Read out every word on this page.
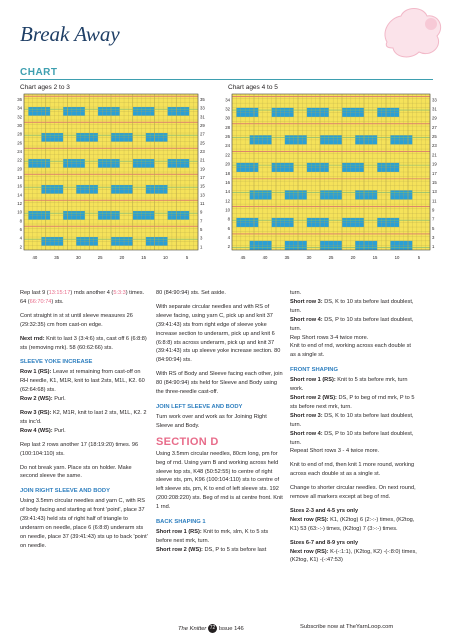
Break Away
CHART
Chart ages 2 to 3	Chart ages 4 to 5
36
34
32
30
28
26
24
22
20
18
16
14
12
10
8
6
4
2
35
33
31
29
27
25
23
21
19
17
15
13
11
9
7
5
3
1
40	35	30	25	20	15	10	5
34
32
30
28
26
24
22
20
18
16
14
12
10
8
6
4
2
33
31
29
27
25
23
21
19
17
15
13
11
9
7
5
3
1
45	40	35	30	25	20	15	10	5

Rep last 9 (13:15:17) rnds another 4 (5:3:3) times.
64 (66:70:74) sts.

Cont straight in st st until sleeve measures 26 (29:32:35) cm from cast-on edge.

Next rnd: Knit to last 3 (3:4:6) sts, cast off 6 (6:8:8) sts (removing mrk). 58 (60:62:66) sts.

SLEEVE YOKE INCREASE

Row 1 (RS): Leave st remaining from cast-off on RH needle, K1, M1R, knit to last 2sts, M1L, K2. 60 (62:64:68) sts.

Row 2 (WS): Purl.

Row 3 (RS): K2, M1R, knit to last 2 sts, M1L, K2. 2 sts inc'd.

Row 4 (WS): Purl.

Rep last 2 rows another 17 (18:19:20) times. 96 (100:104:110) sts.

Do not break yarn. Place sts on holder. Make second sleeve the same.

JOIN RIGHT SLEEVE AND BODY

Using 3.5mm circular needles and yarn C, with RS of body facing and starting at front 'point', place 37 (39:41:43) held sts of right half of triangle to underarm on needle, place 6 (6:8:8) underarm sts on needle, place 37 (39:41:43) sts up to back 'point' on needle.

80 (84:90:94) sts. Set aside.

With separate circular needles and with RS of sleeve facing, using yarn C, pick up and knit 37 (39:41:43) sts from right edge of sleeve yoke increase section to underarm, pick up and knit 6 (6:8:8) sts across underarm, pick up and knit 37 (39:41:43) sts up sleeve yoke increase section. 80 (84:90:94) sts.

With RS of Body and Sleeve facing each other, join 80 (84:90:94) sts held for Sleeve and Body using the three-needle cast-off.

JOIN LEFT SLEEVE AND BODY

Turn work over and work as for Joining Right Sleeve and Body.

SECTION D

Using 3.5mm circular needles, 80cm long, pm for beg of rnd. Using yarn B and working across held sleeve top sts, K48 (50:52:55) to centre of right sleeve sts, pm, K96 (100:104:110) sts to centre of left sleeve sts, pm, K to end of left sleeve sts. 192 (200:208:220) sts. Beg of rnd is at centre front. Knit 1 rnd.

BACK SHAPING 1

Short row 1 (RS): Knit to mrk, slm, K to 5 sts before next mrk, turn.

Short row 2 (WS): DS, P to 5 sts before last

turn.

Short row 3: DS, K to 10 sts before last doublest, turn.

Short row 4: DS, P to 10 sts before last doublest, turn.

Rep Short rows 3-4 twice more.

Knit to end of rnd, working across each double st as a single st.

FRONT SHAPING

Short row 1 (RS): Knit to 5 sts before mrk, turn work.

Short row 2 (WS): DS, P to beg of rnd mrk, P to 5 sts before next mrk, turn.

Short row 3: DS, K to 10 sts before last doublest, turn.

Short row 4: DS, P to 10 sts before last doublest, turn.

Repeat Short rows 3 - 4 twice more.

Knit to end of rnd, then knit 1 more round, working across each double st as a single st.

Change to shorter circular needles. On next round, remove all markers except at beg of rnd.

Sizes 2-3 and 4-5 yrs only

Next row (RS): K1, (K2tog) 6 (2:-:-) times, (K2tog, K1) 53 (63:-:-) times, (K2tog) 7 (3:-:-) times.

Sizes 6-7 and 8-9 yrs only

Next row (RS): K-(-:1:1), (K2tog, K2) -(-:8:0) times, (K2tog, K1) -(-:47:53)

The Knitter 72 Issue 146	Subscribe now at TheYarnLoop.com
